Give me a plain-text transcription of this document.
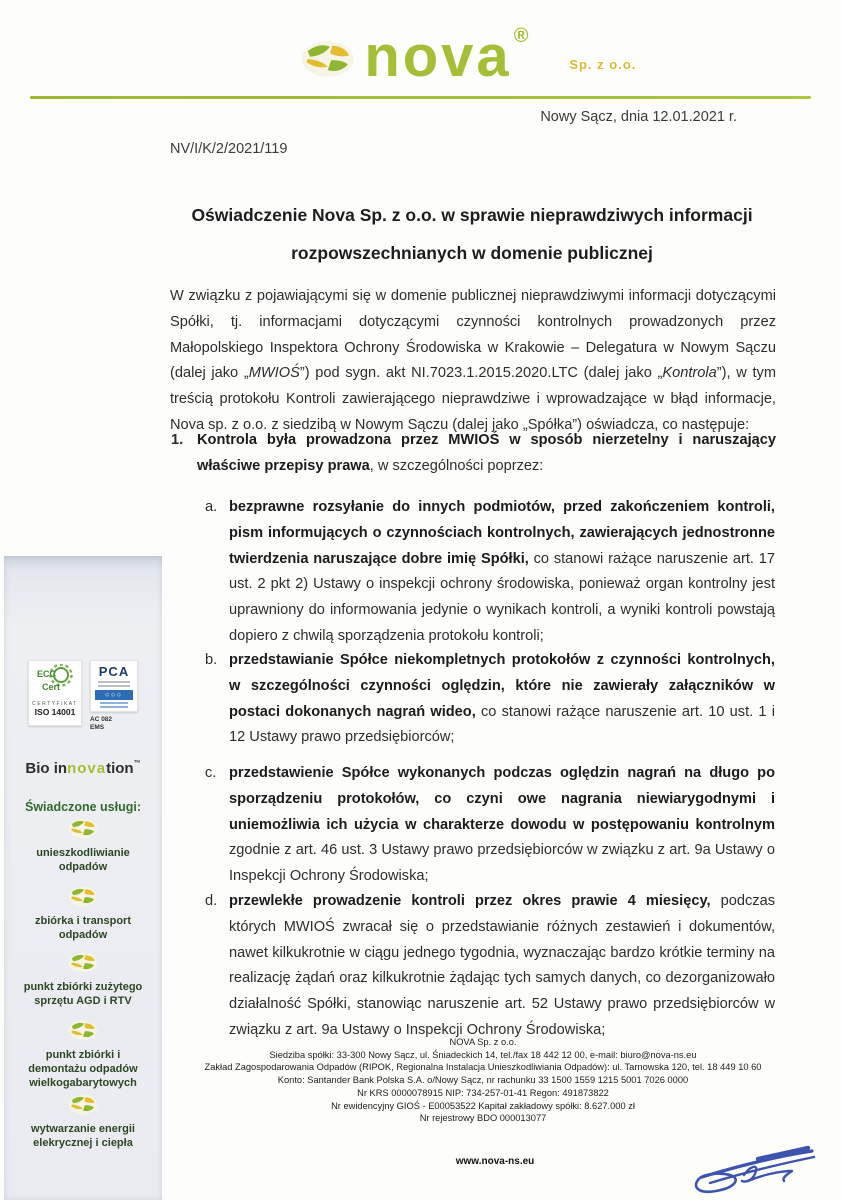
nova ®
Sp. z o.o.
Nowy Sącz, dnia 12.01.2021 r.
NV/I/K/2/2021/119
Oświadczenie Nova Sp. z o.o. w sprawie nieprawdziwych informacji rozpowszechnianych w domenie publicznej

W związku z pojawiającymi się w domenie publicznej nieprawdziwymi informacji dotyczącymi Spółki, tj. informacjami dotyczącymi czynności kontrolnych prowadzonych przez Małopolskiego Inspektora Ochrony Środowiska w Krakowie – Delegatura w Nowym Sączu (dalej jako „MWIOŚ”) pod sygn. akt NI.7023.1.2015.2020.LTC (dalej jako „Kontrola”), w tym treścią protokołu Kontroli zawierającego nieprawdziwe i wprowadzające w błąd informacje, Nova sp. z o.o. z siedzibą w Nowym Sączu (dalej jako „Spółka”) oświadcza, co następuje:

1. Kontrola była prowadzona przez MWIOŚ w sposób nierzetelny i naruszający właściwe przepisy prawa, w szczególności poprzez:
a. bezprawne rozsyłanie do innych podmiotów, przed zakończeniem kontroli, pism informujących o czynnościach kontrolnych, zawierających jednostronne twierdzenia naruszające dobre imię Spółki, co stanowi rażące naruszenie art. 17 ust. 2 pkt 2) Ustawy o inspekcji ochrony środowiska, ponieważ organ kontrolny jest uprawniony do informowania jedynie o wynikach kontroli, a wyniki kontroli powstają dopiero z chwilą sporządzenia protokołu kontroli;
b. przedstawianie Spółce niekompletnych protokołów z czynności kontrolnych, w szczególności czynności oględzin, które nie zawierały załączników w postaci dokonanych nagrań wideo, co stanowi rażące naruszenie art. 10 ust. 1 i 12 Ustawy prawo przedsiębiorców;
c. przedstawienie Spółce wykonanych podczas oględzin nagrań na długo po sporządzeniu protokołów, co czyni owe nagrania niewiarygodnymi i uniemożliwia ich użycia w charakterze dowodu w postępowaniu kontrolnym zgodnie z art. 46 ust. 3 Ustawy prawo przedsiębiorców w związku z art. 9a Ustawy o Inspekcji Ochrony Środowiska;
d. przewlekłe prowadzenie kontroli przez okres prawie 4 miesięcy, podczas których MWIOŚ zwracał się o przedstawianie różnych zestawień i dokumentów, nawet kilkukrotnie w ciągu jednego tygodnia, wyznaczając bardzo krótkie terminy na realizację żądań oraz kilkukrotnie żądając tych samych danych, co dezorganizowało działalność Spółki, stanowiąc naruszenie art. 52 Ustawy prawo przedsiębiorców w związku z art. 9a Ustawy o Inspekcji Ochrony Środowiska;
ECC
Cert
CERTYFIKAT
ISO 14001
PCA
◇◇◇
AC 082
EMS
Bio innovation™
Świadczone usługi:
unieszkodliwianie odpadów
zbiórka i transport odpadów
punkt zbiórki zużytego sprzętu AGD i RTV
punkt zbiórki i demontażu odpadów wielkogabarytowych
wytwarzanie energii elekrycznej i ciepła
NOVA Sp. z o.o.
Siedziba spółki: 33-300 Nowy Sącz, ul. Śniadeckich 14, tel./fax 18 442 12 00, e-mail: biuro@nova-ns.eu
Zakład Zagospodarowania Odpadów (RIPOK, Regionalna Instalacja Unieszkodliwiania Odpadów): ul. Tarnowska 120, tel. 18 449 10 60
Konto: Santander Bank Polska S.A. o/Nowy Sącz, nr rachunku 33 1500 1559 1215 5001 7026 0000
Nr KRS 0000078915 NIP: 734-257-01-41 Regon: 491873822
Nr ewidencyjny GIOŚ - E00053522 Kapitał zakładowy spółki: 8.627.000 zł
Nr rejestrowy BDO 000013077
www.nova-ns.eu
